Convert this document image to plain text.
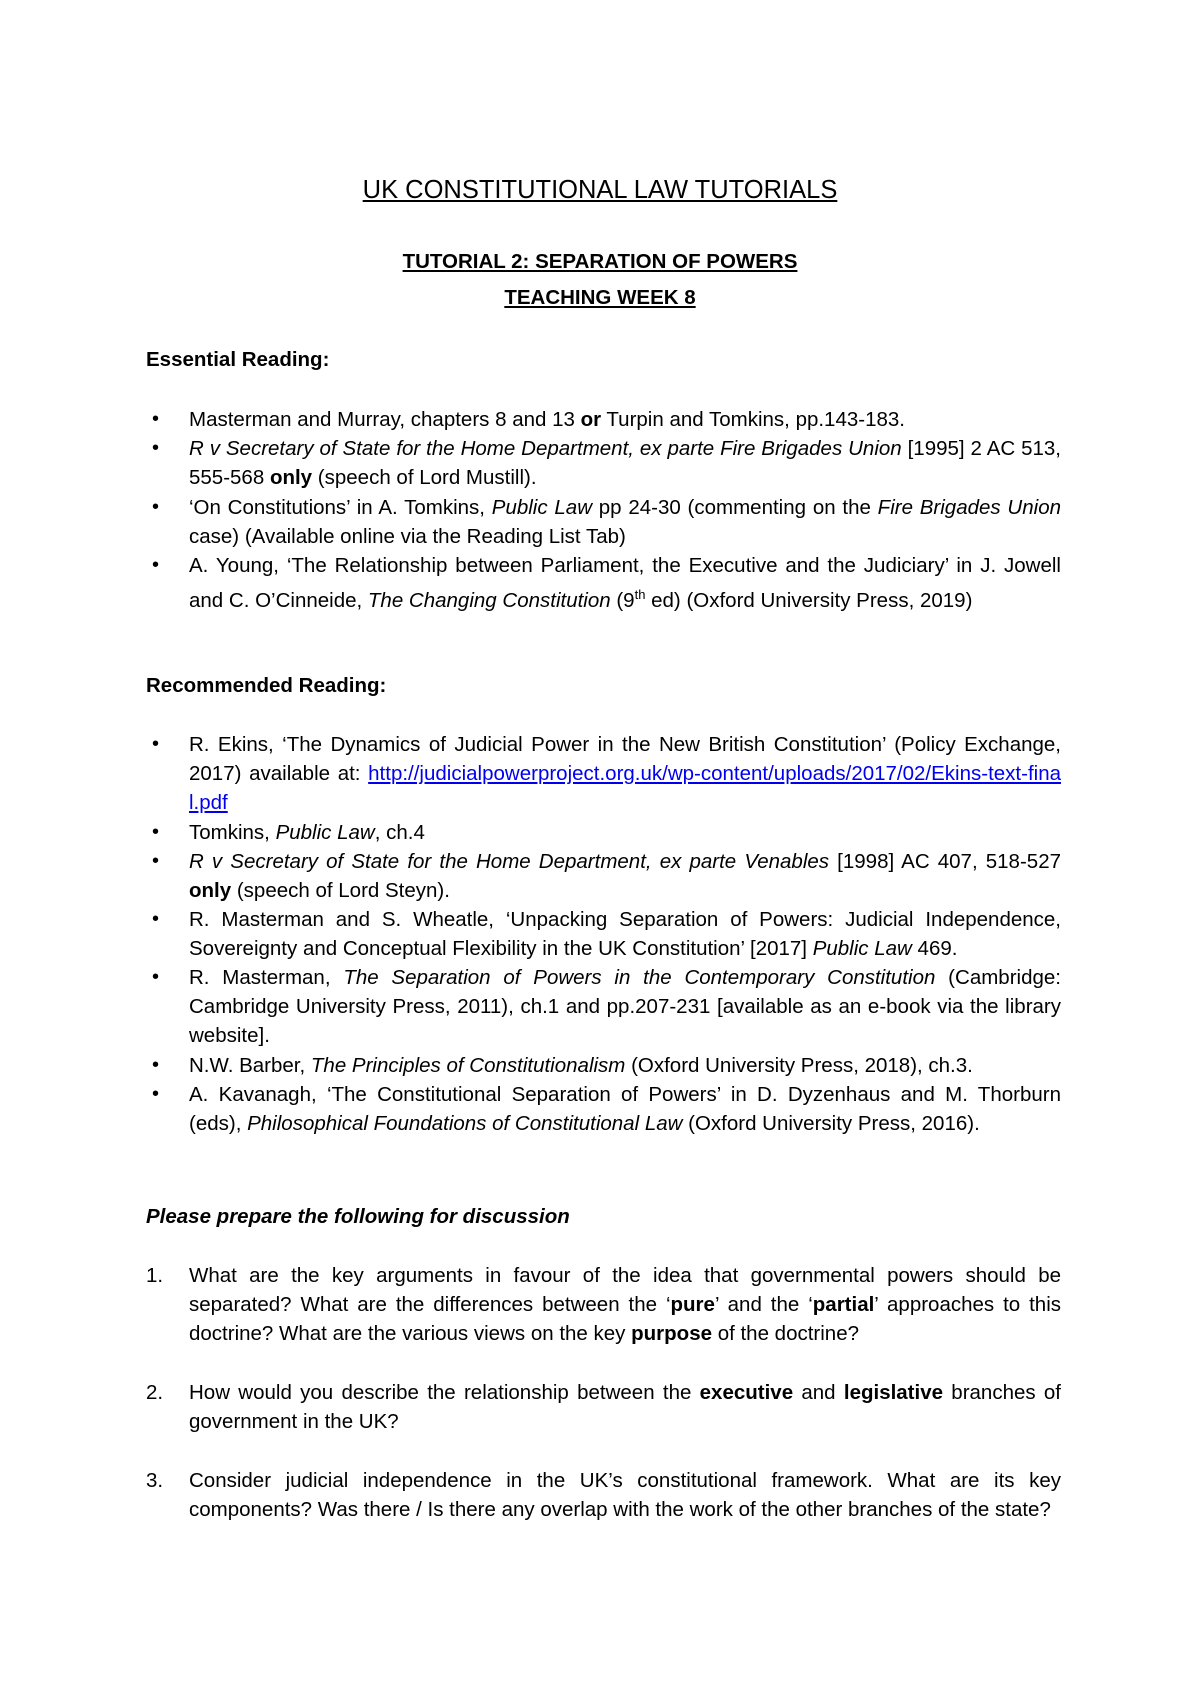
UK CONSTITUTIONAL LAW TUTORIALS
TUTORIAL 2: SEPARATION OF POWERS
TEACHING WEEK 8
Essential Reading:
• Masterman and Murray, chapters 8 and 13 or Turpin and Tomkins, pp.143-183.
• R v Secretary of State for the Home Department, ex parte Fire Brigades Union [1995] 2 AC 513, 555-568 only (speech of Lord Mustill).
• ‘On Constitutions’ in A. Tomkins, Public Law pp 24-30 (commenting on the Fire Brigades Union case) (Available online via the Reading List Tab)
• A. Young, ‘The Relationship between Parliament, the Executive and the Judiciary’ in J. Jowell and C. O’Cinneide, The Changing Constitution (9th ed) (Oxford University Press, 2019)
Recommended Reading:
• R. Ekins, ‘The Dynamics of Judicial Power in the New British Constitution’ (Policy Exchange, 2017) available at: http://judicialpowerproject.org.uk/wp-content/uploads/2017/02/Ekins-text-final.pdf
• Tomkins, Public Law, ch.4
• R v Secretary of State for the Home Department, ex parte Venables [1998] AC 407, 518-527 only (speech of Lord Steyn).
• R. Masterman and S. Wheatle, ‘Unpacking Separation of Powers: Judicial Independence, Sovereignty and Conceptual Flexibility in the UK Constitution’ [2017] Public Law 469.
• R. Masterman, The Separation of Powers in the Contemporary Constitution (Cambridge: Cambridge University Press, 2011), ch.1 and pp.207-231 [available as an e-book via the library website].
• N.W. Barber, The Principles of Constitutionalism (Oxford University Press, 2018), ch.3.
• A. Kavanagh, ‘The Constitutional Separation of Powers’ in D. Dyzenhaus and M. Thorburn (eds), Philosophical Foundations of Constitutional Law (Oxford University Press, 2016).
Please prepare the following for discussion
1. What are the key arguments in favour of the idea that governmental powers should be separated? What are the differences between the ‘pure’ and the ‘partial’ approaches to this doctrine? What are the various views on the key purpose of the doctrine?
2. How would you describe the relationship between the executive and legislative branches of government in the UK?
3. Consider judicial independence in the UK’s constitutional framework. What are its key components? Was there / Is there any overlap with the work of the other branches of the state?
